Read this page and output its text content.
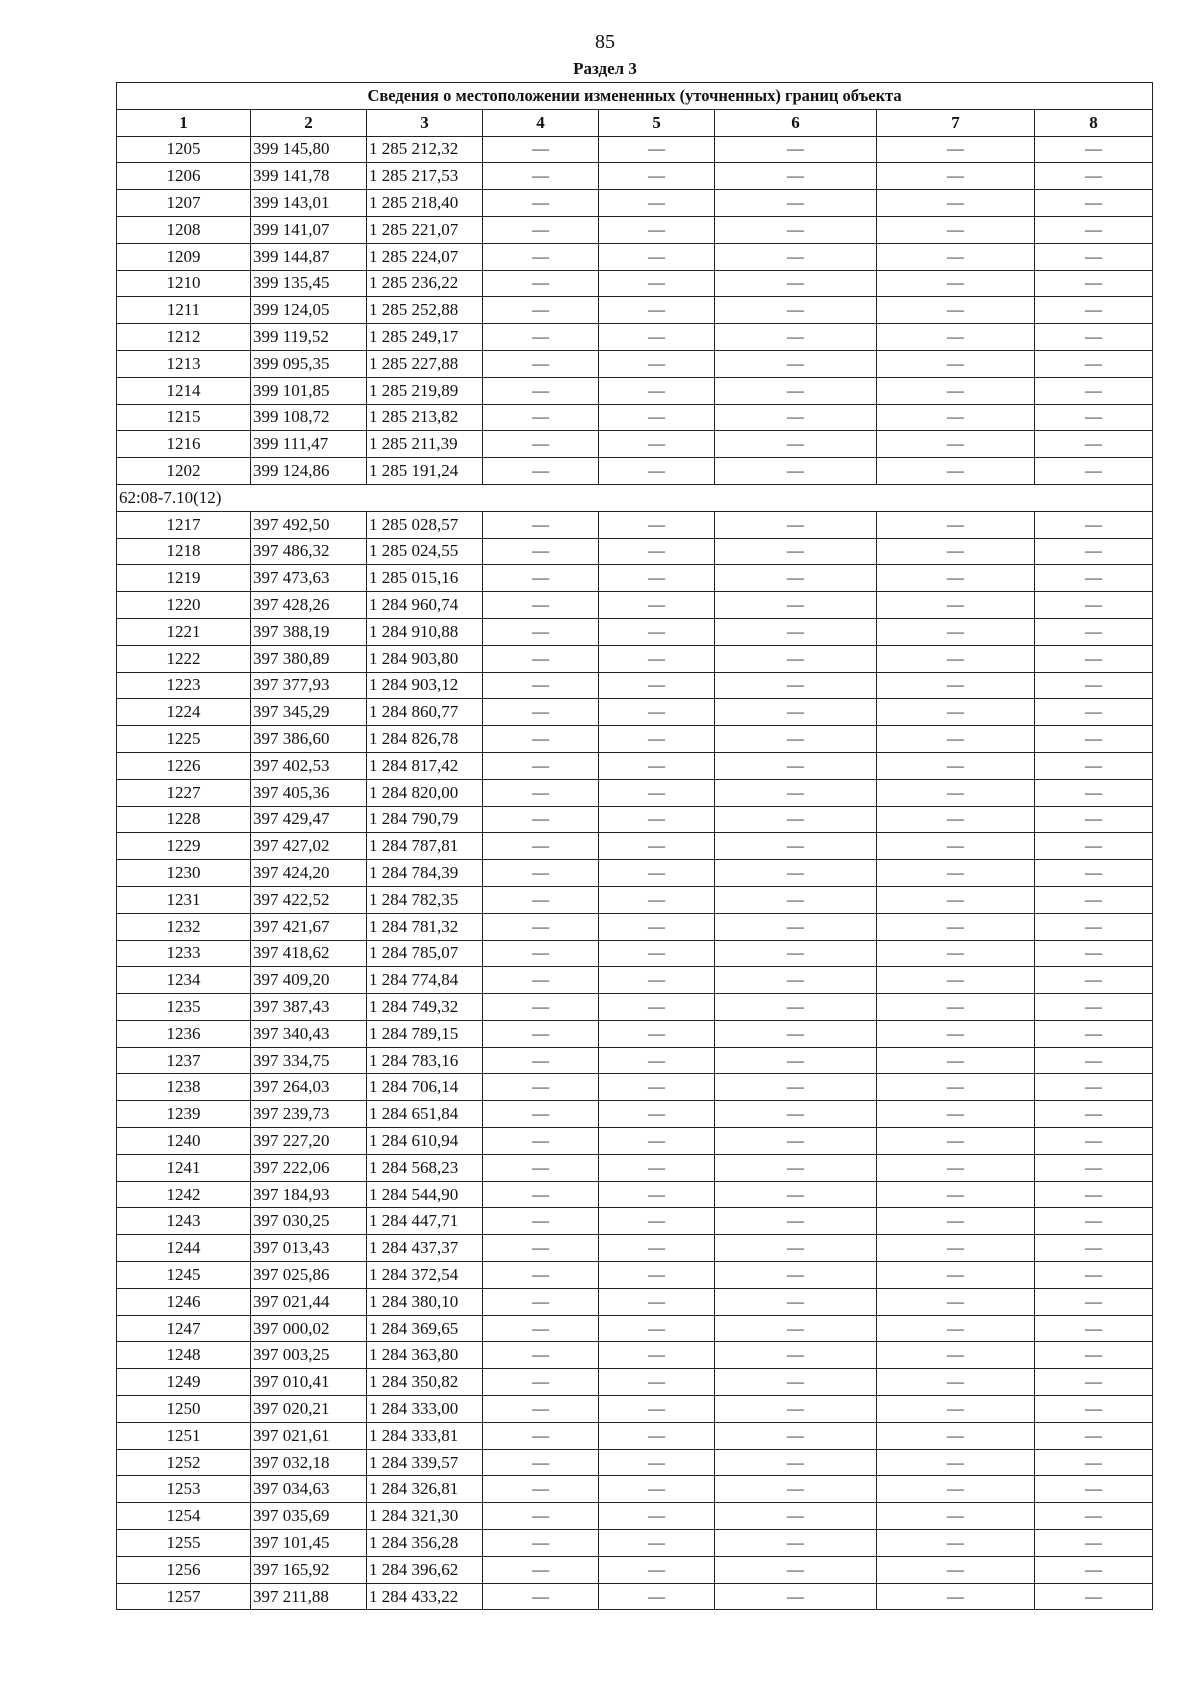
85
Раздел 3
Сведения о местоположении измененных (уточненных) границ объекта							
1	2	3	4	5	6	7	8
1205	399 145,80	1 285 212,32	—	—	—	—	—
1206	399 141,78	1 285 217,53	—	—	—	—	—
1207	399 143,01	1 285 218,40	—	—	—	—	—
1208	399 141,07	1 285 221,07	—	—	—	—	—
1209	399 144,87	1 285 224,07	—	—	—	—	—
1210	399 135,45	1 285 236,22	—	—	—	—	—
1211	399 124,05	1 285 252,88	—	—	—	—	—
1212	399 119,52	1 285 249,17	—	—	—	—	—
1213	399 095,35	1 285 227,88	—	—	—	—	—
1214	399 101,85	1 285 219,89	—	—	—	—	—
1215	399 108,72	1 285 213,82	—	—	—	—	—
1216	399 111,47	1 285 211,39	—	—	—	—	—
1202	399 124,86	1 285 191,24	—	—	—	—	—
62:08-7.10(12)							
1217	397 492,50	1 285 028,57	—	—	—	—	—
1218	397 486,32	1 285 024,55	—	—	—	—	—
1219	397 473,63	1 285 015,16	—	—	—	—	—
1220	397 428,26	1 284 960,74	—	—	—	—	—
1221	397 388,19	1 284 910,88	—	—	—	—	—
1222	397 380,89	1 284 903,80	—	—	—	—	—
1223	397 377,93	1 284 903,12	—	—	—	—	—
1224	397 345,29	1 284 860,77	—	—	—	—	—
1225	397 386,60	1 284 826,78	—	—	—	—	—
1226	397 402,53	1 284 817,42	—	—	—	—	—
1227	397 405,36	1 284 820,00	—	—	—	—	—
1228	397 429,47	1 284 790,79	—	—	—	—	—
1229	397 427,02	1 284 787,81	—	—	—	—	—
1230	397 424,20	1 284 784,39	—	—	—	—	—
1231	397 422,52	1 284 782,35	—	—	—	—	—
1232	397 421,67	1 284 781,32	—	—	—	—	—
1233	397 418,62	1 284 785,07	—	—	—	—	—
1234	397 409,20	1 284 774,84	—	—	—	—	—
1235	397 387,43	1 284 749,32	—	—	—	—	—
1236	397 340,43	1 284 789,15	—	—	—	—	—
1237	397 334,75	1 284 783,16	—	—	—	—	—
1238	397 264,03	1 284 706,14	—	—	—	—	—
1239	397 239,73	1 284 651,84	—	—	—	—	—
1240	397 227,20	1 284 610,94	—	—	—	—	—
1241	397 222,06	1 284 568,23	—	—	—	—	—
1242	397 184,93	1 284 544,90	—	—	—	—	—
1243	397 030,25	1 284 447,71	—	—	—	—	—
1244	397 013,43	1 284 437,37	—	—	—	—	—
1245	397 025,86	1 284 372,54	—	—	—	—	—
1246	397 021,44	1 284 380,10	—	—	—	—	—
1247	397 000,02	1 284 369,65	—	—	—	—	—
1248	397 003,25	1 284 363,80	—	—	—	—	—
1249	397 010,41	1 284 350,82	—	—	—	—	—
1250	397 020,21	1 284 333,00	—	—	—	—	—
1251	397 021,61	1 284 333,81	—	—	—	—	—
1252	397 032,18	1 284 339,57	—	—	—	—	—
1253	397 034,63	1 284 326,81	—	—	—	—	—
1254	397 035,69	1 284 321,30	—	—	—	—	—
1255	397 101,45	1 284 356,28	—	—	—	—	—
1256	397 165,92	1 284 396,62	—	—	—	—	—
1257	397 211,88	1 284 433,22	—	—	—	—	—
